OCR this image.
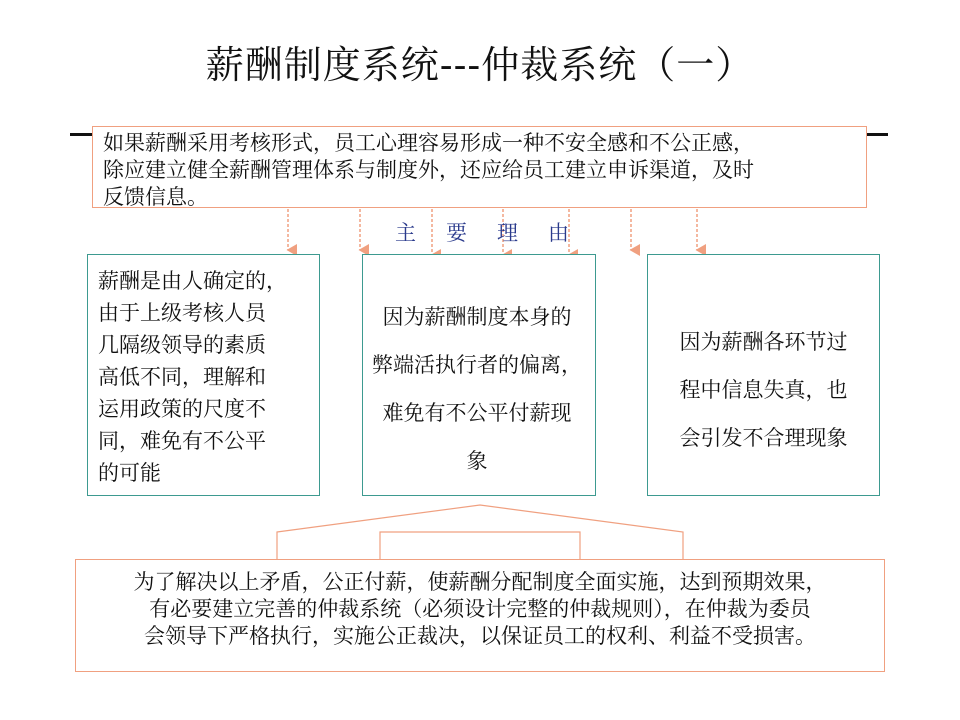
薪酬制度系统---仲裁系统（一）
如果薪酬采用考核形式，员工心理容易形成一种不安全感和不公正感，
除应建立健全薪酬管理体系与制度外，还应给员工建立申诉渠道，及时
反馈信息。
主要理由
薪酬是由人确定的，
由于上级考核人员
几隔级领导的素质
高低不同，理解和
运用政策的尺度不
同，难免有不公平
的可能
因为薪酬制度本身的
弊端活执行者的偏离，
难免有不公平付薪现
象
因为薪酬各环节过
程中信息失真，也
会引发不合理现象
为了解决以上矛盾，公正付薪，使薪酬分配制度全面实施，达到预期效果，
有必要建立完善的仲裁系统（必须设计完整的仲裁规则），在仲裁为委员
会领导下严格执行，实施公正裁决，以保证员工的权利、利益不受损害。
